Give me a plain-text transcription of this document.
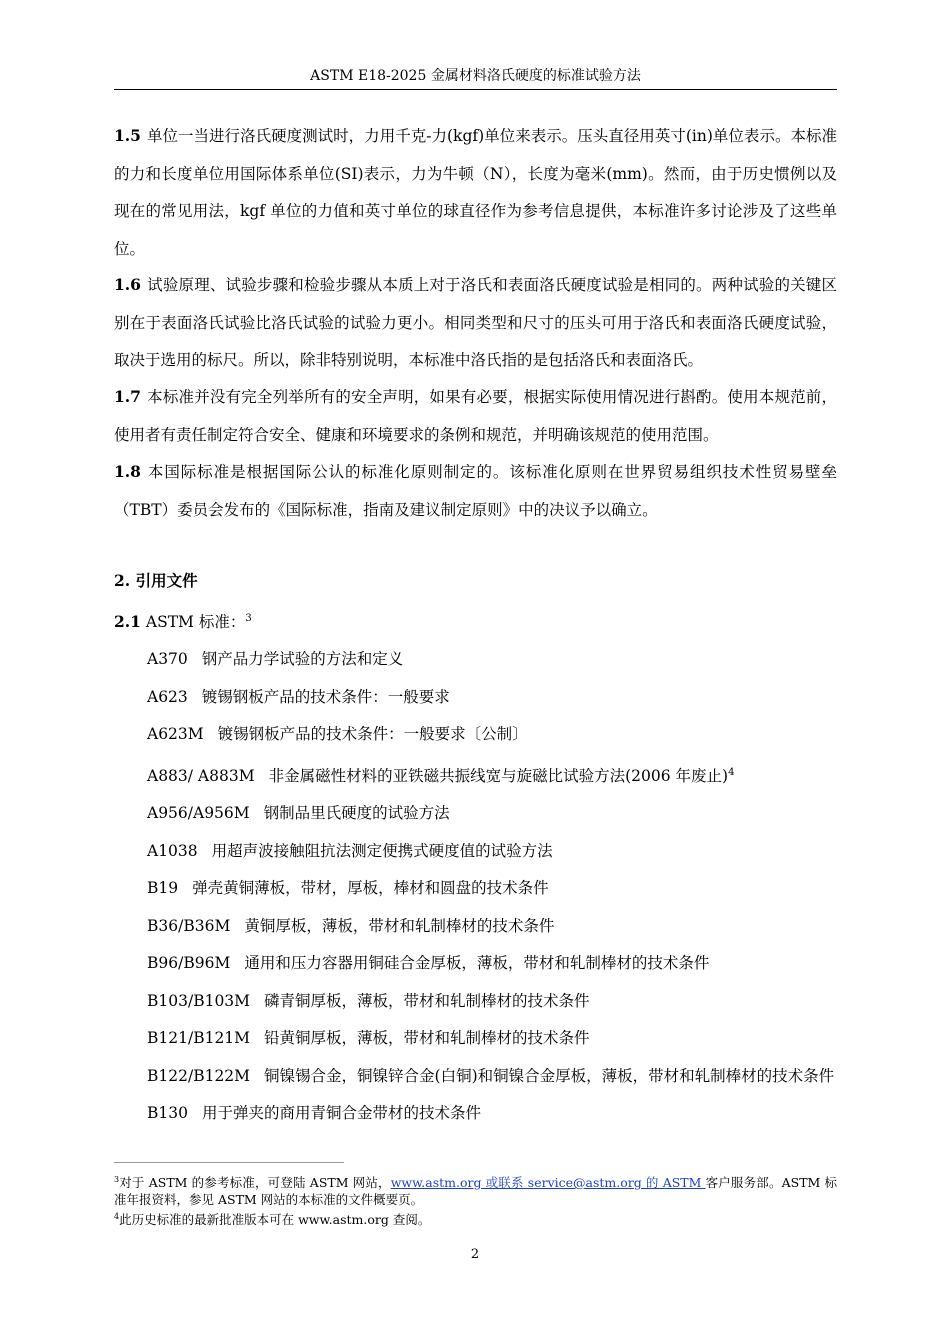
ASTM E18-2025 金属材料洛氏硬度的标准试验方法

1.5 单位一当进行洛氏硬度测试时，力用千克-力(kgf)单位来表示。压头直径用英寸(in)单位表示。本标准的力和长度单位用国际体系单位(SI)表示，力为牛顿（N），长度为毫米(mm)。然而，由于历史惯例以及现在的常见用法，kgf 单位的力值和英寸单位的球直径作为参考信息提供，本标准许多讨论涉及了这些单位。

1.6 试验原理、试验步骤和检验步骤从本质上对于洛氏和表面洛氏硬度试验是相同的。两种试验的关键区别在于表面洛氏试验比洛氏试验的试验力更小。相同类型和尺寸的压头可用于洛氏和表面洛氏硬度试验，取决于选用的标尺。所以，除非特别说明，本标准中洛氏指的是包括洛氏和表面洛氏。

1.7 本标准并没有完全列举所有的安全声明，如果有必要，根据实际使用情况进行斟酌。使用本规范前，使用者有责任制定符合安全、健康和环境要求的条例和规范，并明确该规范的使用范围。

1.8 本国际标准是根据国际公认的标准化原则制定的。该标准化原则在世界贸易组织技术性贸易壁垒（TBT）委员会发布的《国际标准，指南及建议制定原则》中的决议予以确立。

2. 引用文件
2.1 ASTM 标准：$^3$
A370 钢产品力学试验的方法和定义
A623 镀锡钢板产品的技术条件：一般要求
A623M 镀锡钢板产品的技术条件：一般要求〔公制〕
A883/ A883M 非金属磁性材料的亚铁磁共振线宽与旋磁比试验方法(2006 年废止)$^4$
A956/A956M 钢制品里氏硬度的试验方法
A1038 用超声波接触阻抗法测定便携式硬度值的试验方法
B19 弹壳黄铜薄板，带材，厚板，棒材和圆盘的技术条件
B36/B36M 黄铜厚板，薄板，带材和轧制棒材的技术条件
B96/B96M 通用和压力容器用铜硅合金厚板，薄板，带材和轧制棒材的技术条件
B103/B103M 磷青铜厚板，薄板，带材和轧制棒材的技术条件
B121/B121M 铅黄铜厚板，薄板，带材和轧制棒材的技术条件
B122/B122M 铜镍锡合金，铜镍锌合金(白铜)和铜镍合金厚板，薄板，带材和轧制棒材的技术条件
B130 用于弹夹的商用青铜合金带材的技术条件
$^3$对于 ASTM 的参考标准，可登陆 ASTM 网站，www.astm.org 或联系 service@astm.org 的 ASTM 客户服务部。ASTM 标准年报资料，参见 ASTM 网站的本标准的文件概要页。
$^4$此历史标准的最新批准版本可在 www.astm.org 查阅。
2
